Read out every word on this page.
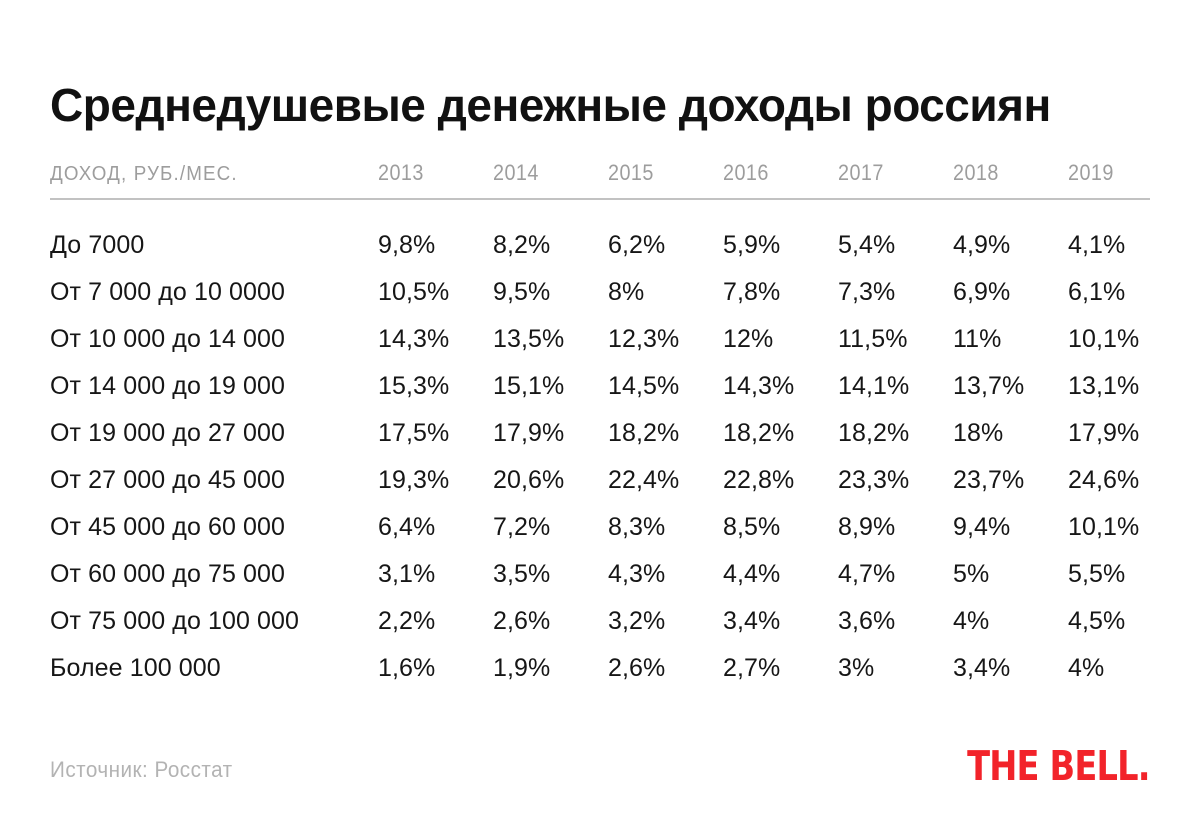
Среднедушевые денежные доходы россиян
ДОХОД, РУБ./МЕС.	2013	2014	2015	2016	2017	2018	2019
До 7000	9,8%	8,2%	6,2%	5,9%	5,4%	4,9%	4,1%
От 7 000 до 10 0000	10,5%	9,5%	8%	7,8%	7,3%	6,9%	6,1%
От 10 000 до 14 000	14,3%	13,5%	12,3%	12%	11,5%	11%	10,1%
От 14 000 до 19 000	15,3%	15,1%	14,5%	14,3%	14,1%	13,7%	13,1%
От 19 000 до 27 000	17,5%	17,9%	18,2%	18,2%	18,2%	18%	17,9%
От 27 000 до 45 000	19,3%	20,6%	22,4%	22,8%	23,3%	23,7%	24,6%
От 45 000 до 60 000	6,4%	7,2%	8,3%	8,5%	8,9%	9,4%	10,1%
От 60 000 до 75 000	3,1%	3,5%	4,3%	4,4%	4,7%	5%	5,5%
От 75 000 до 100 000	2,2%	2,6%	3,2%	3,4%	3,6%	4%	4,5%
Более 100 000	1,6%	1,9%	2,6%	2,7%	3%	3,4%	4%
Источник: Росстат	THE BELL.
